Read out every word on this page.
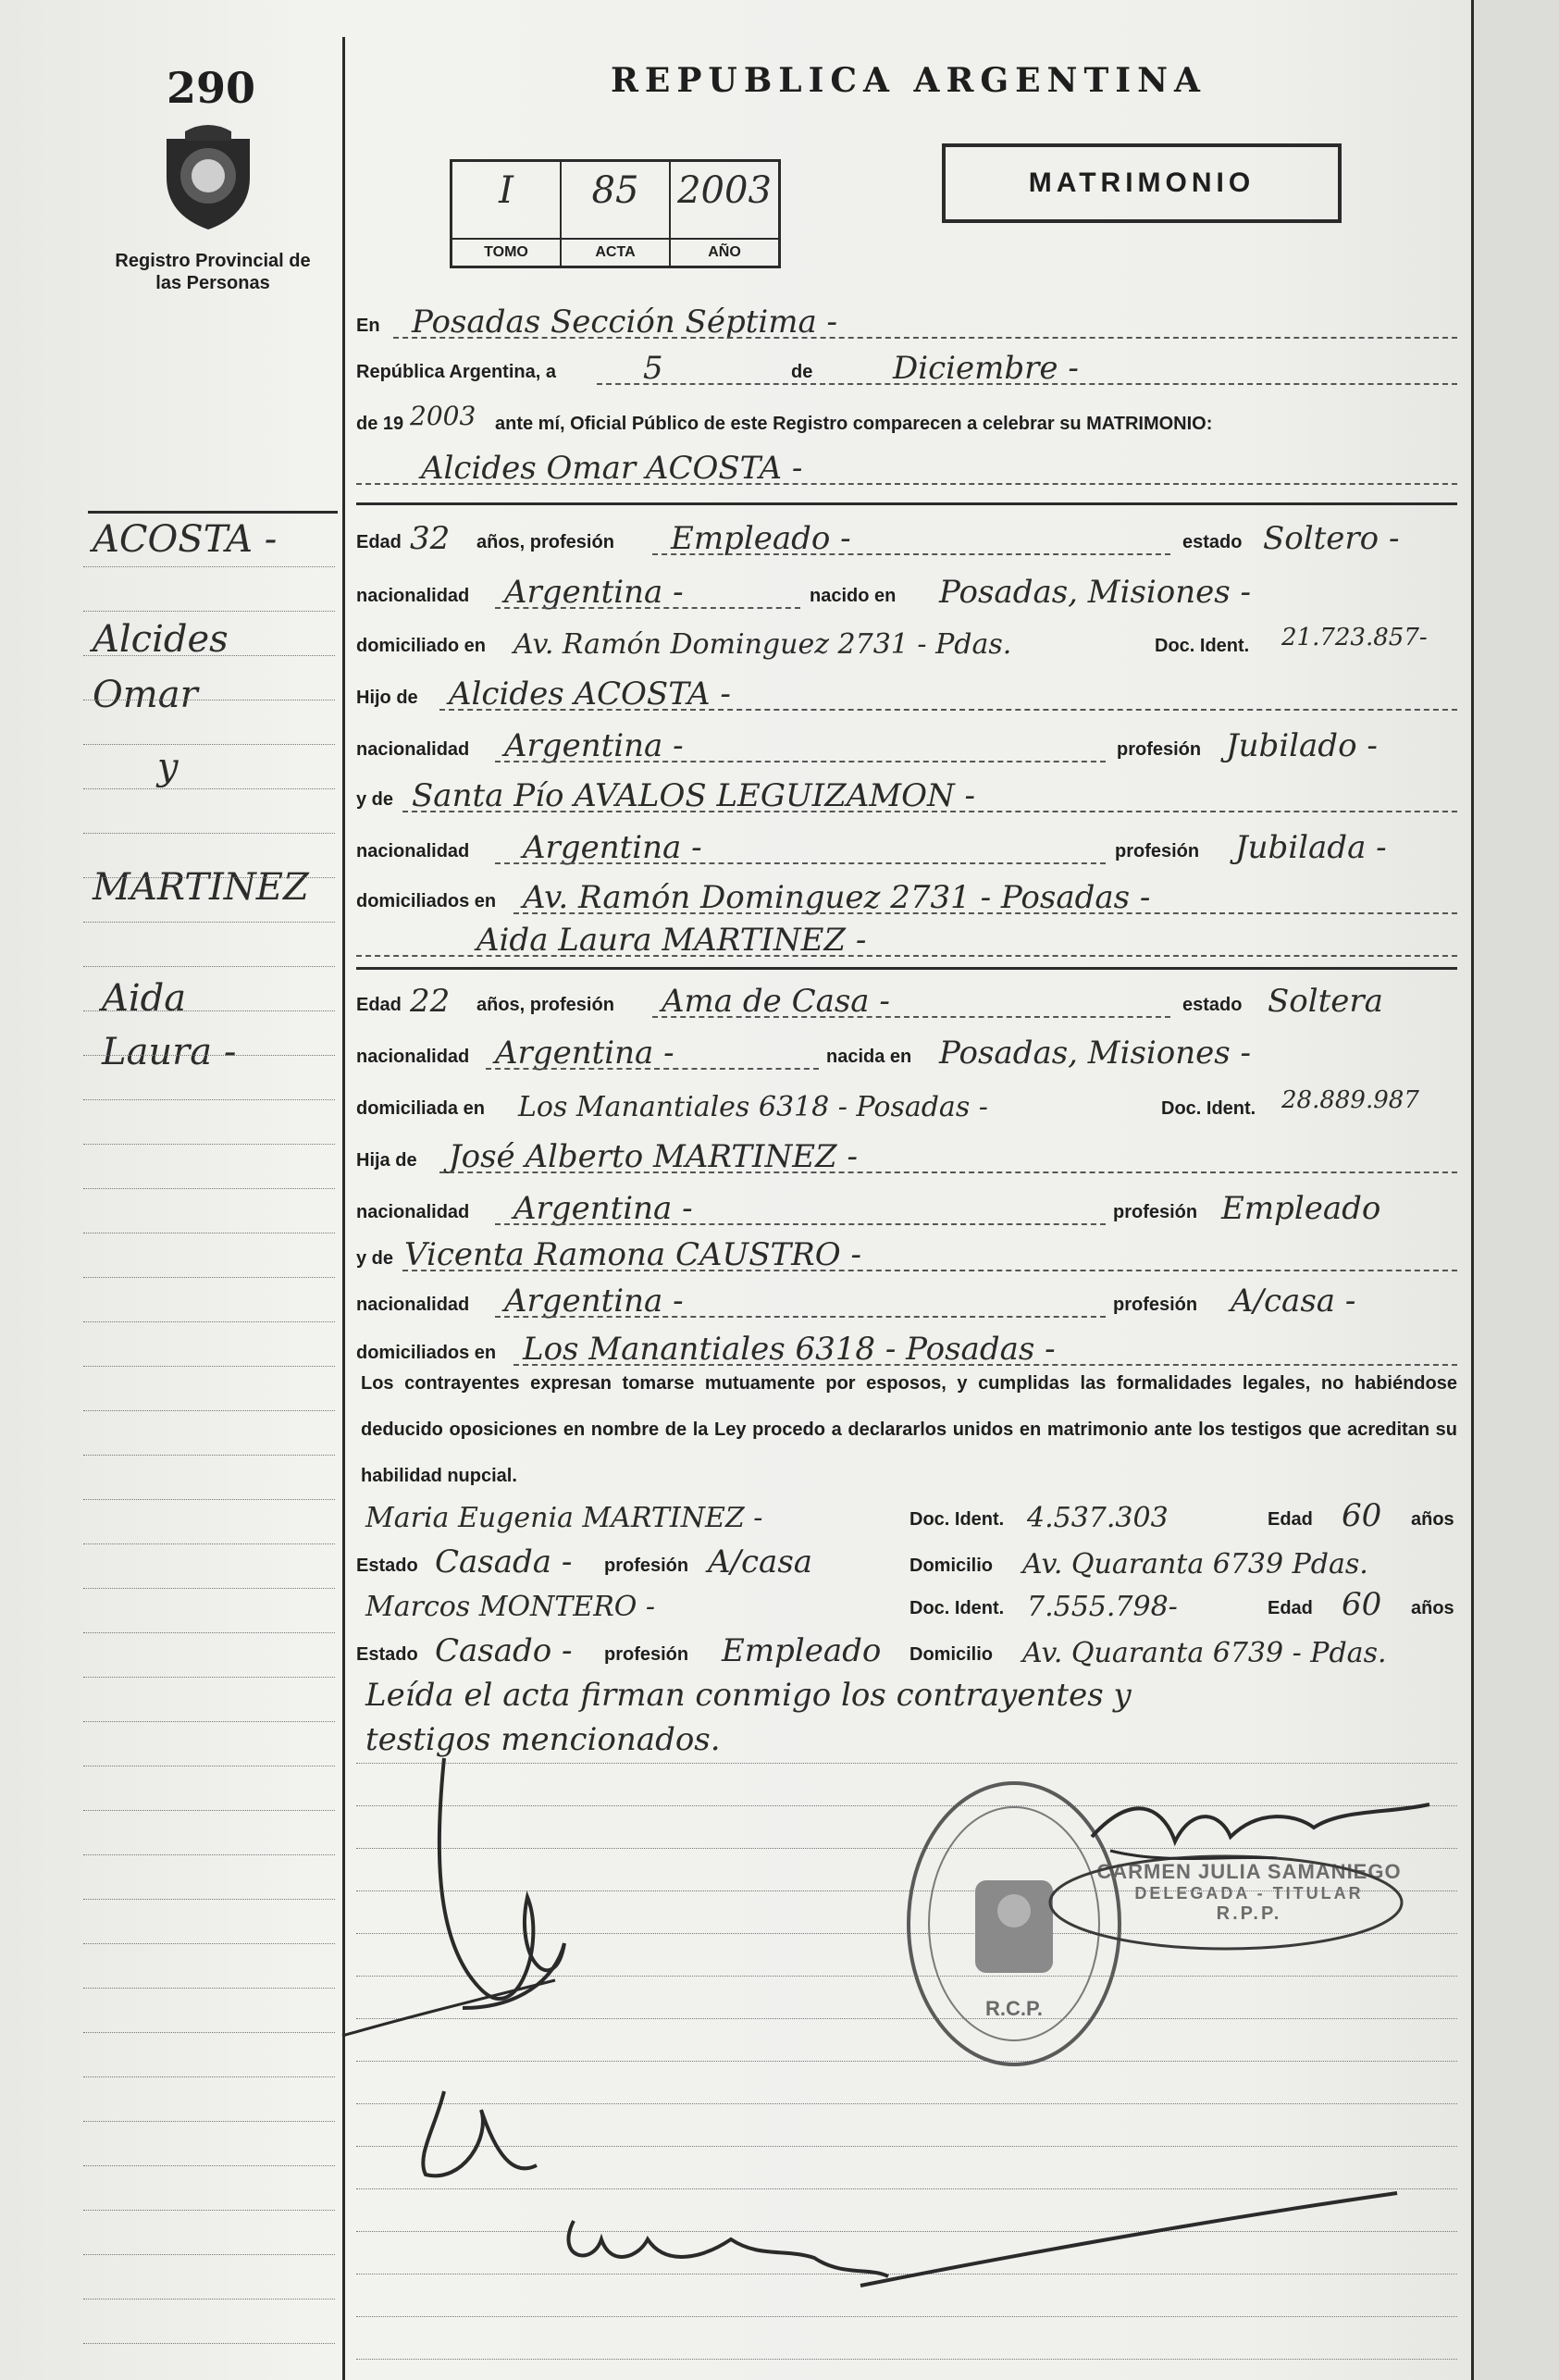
290
Registro Provincial de las Personas
REPUBLICA ARGENTINA
I
TOMO
85
ACTA
2003
AÑO
MATRIMONIO
ACOSTA -
Alcides
Omar
y
MARTINEZ
Aida
Laura -
En Posadas Sección Séptima -
República Argentina, a	5	de	Diciembre -
de 19 2003 ante mí, Oficial Público de este Registro comparecen a celebrar su MATRIMONIO:
Alcides Omar ACOSTA -
Edad 32 años, profesión Empleado -	estado Soltero -
nacionalidad Argentina -	nacido en Posadas, Misiones -
domiciliado en Av. Ramón Dominguez 2731 - Pdas.	Doc. Ident. 21.723.857-
Hijo de Alcides ACOSTA -
nacionalidad Argentina -	profesión Jubilado -
y de Santa Pío AVALOS LEGUIZAMON -
nacionalidad Argentina -	profesión Jubilada -
domiciliados en Av. Ramón Dominguez 2731 - Posadas -
Aida Laura MARTINEZ -
Edad 22 años, profesión Ama de Casa -	estado Soltera
nacionalidad Argentina -	nacida en Posadas, Misiones -
domiciliada en Los Manantiales 6318 - Posadas -	Doc. Ident. 28.889.987
Hija de José Alberto MARTINEZ -
nacionalidad Argentina -	profesión Empleado
y de Vicenta Ramona CAUSTRO -
nacionalidad Argentina -	profesión A/casa -
domiciliados en Los Manantiales 6318 - Posadas -
Los contrayentes expresan tomarse mutuamente por esposos, y cumplidas las formalidades legales, no habiéndose deducido oposiciones en nombre de la Ley procedo a declararlos unidos en matrimonio ante los testigos que acreditan su habilidad nupcial.
Maria Eugenia MARTINEZ -	Doc. Ident. 4.537.303	Edad 60 años
Estado Casada - profesión A/casa	Domicilio Av. Quaranta 6739 Pdas.
Marcos MONTERO -	Doc. Ident. 7.555.798-	Edad 60 años
Estado Casado - profesión Empleado Domicilio Av. Quaranta 6739 - Pdas.
Leída el acta firman conmigo los contrayentes y
testigos mencionados.
R.C.P.
CARMEN JULIA SAMANIEGO
DELEGADA - TITULAR
R.P.P.
